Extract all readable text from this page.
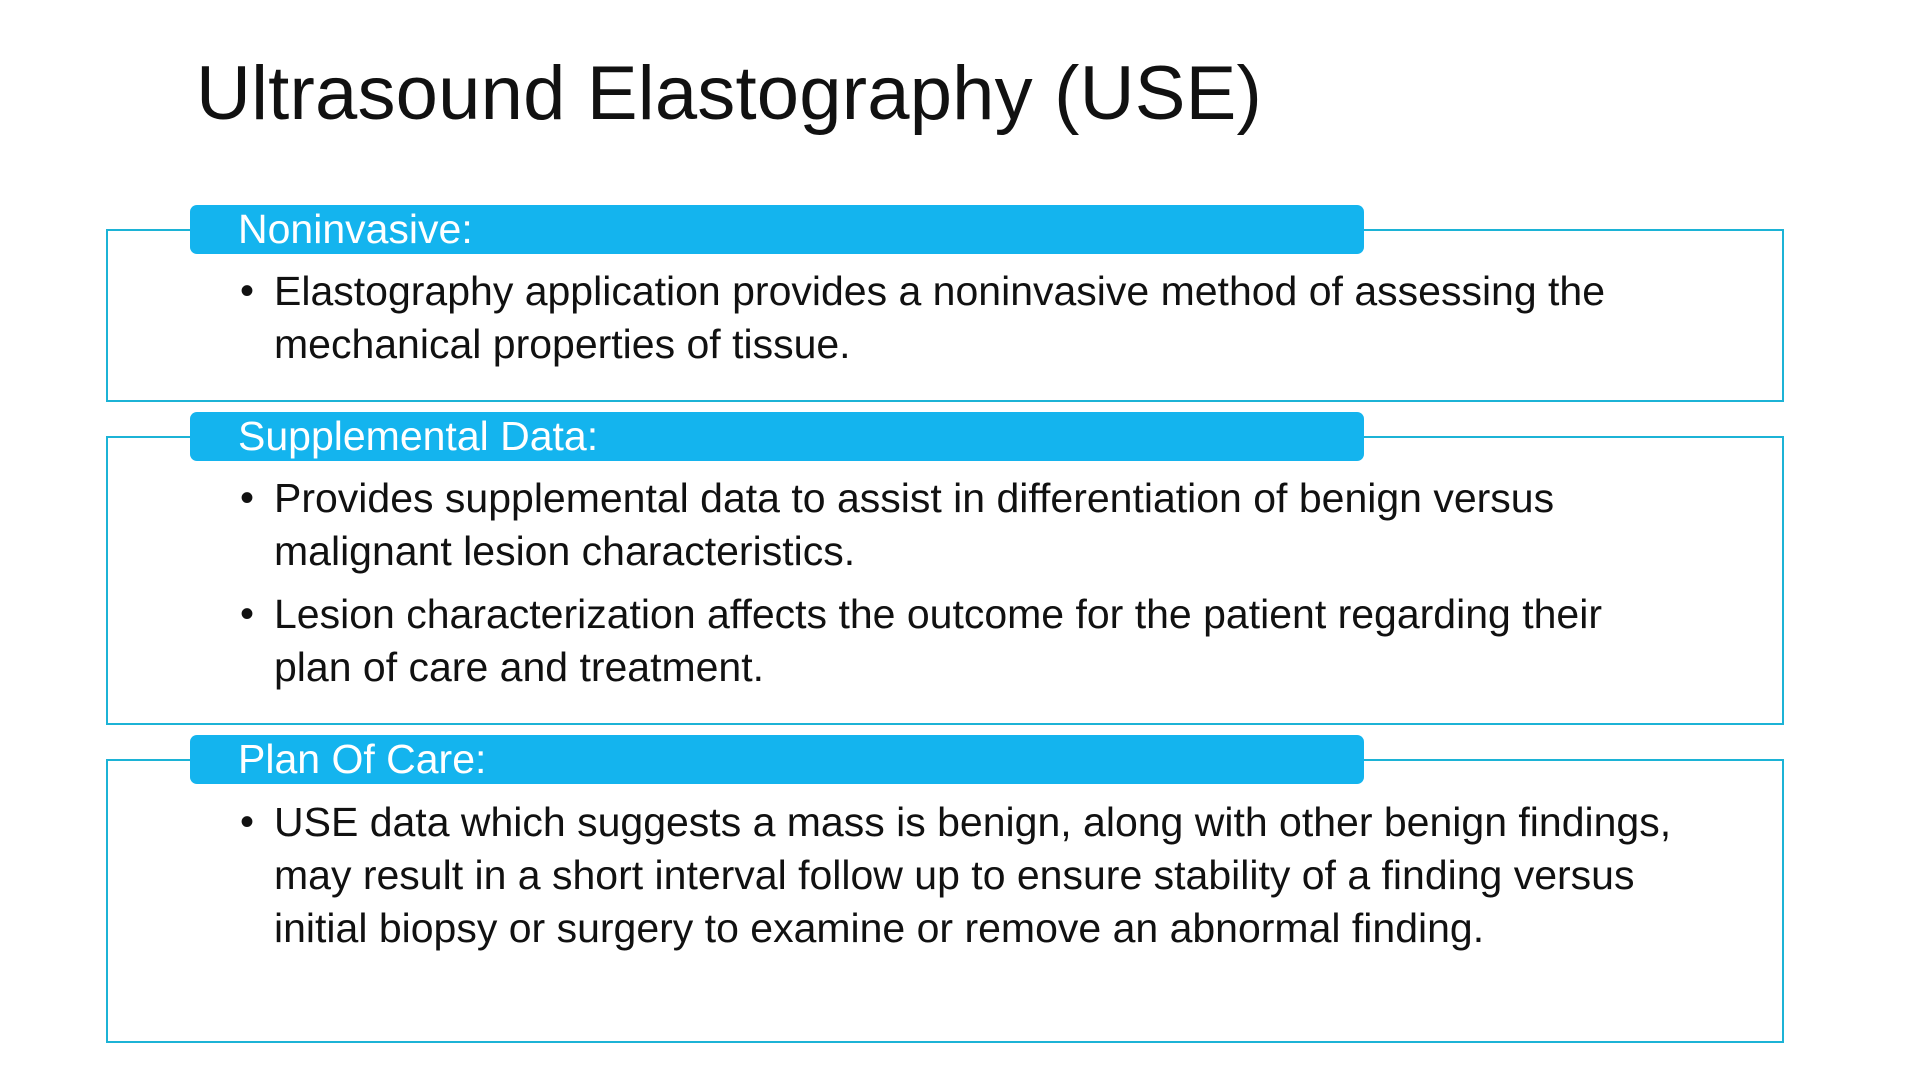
Ultrasound Elastography (USE)
Noninvasive:
• Elastography application provides a noninvasive method of assessing the mechanical properties of tissue.
Supplemental Data:
• Provides supplemental data to assist in differentiation of benign versus malignant lesion characteristics.
• Lesion characterization affects the outcome for the patient regarding their plan of care and treatment.
Plan Of Care:
• USE data which suggests a mass is benign, along with other benign findings, may result in a short interval follow up to ensure stability of a finding versus initial biopsy or surgery to examine or remove an abnormal finding.
